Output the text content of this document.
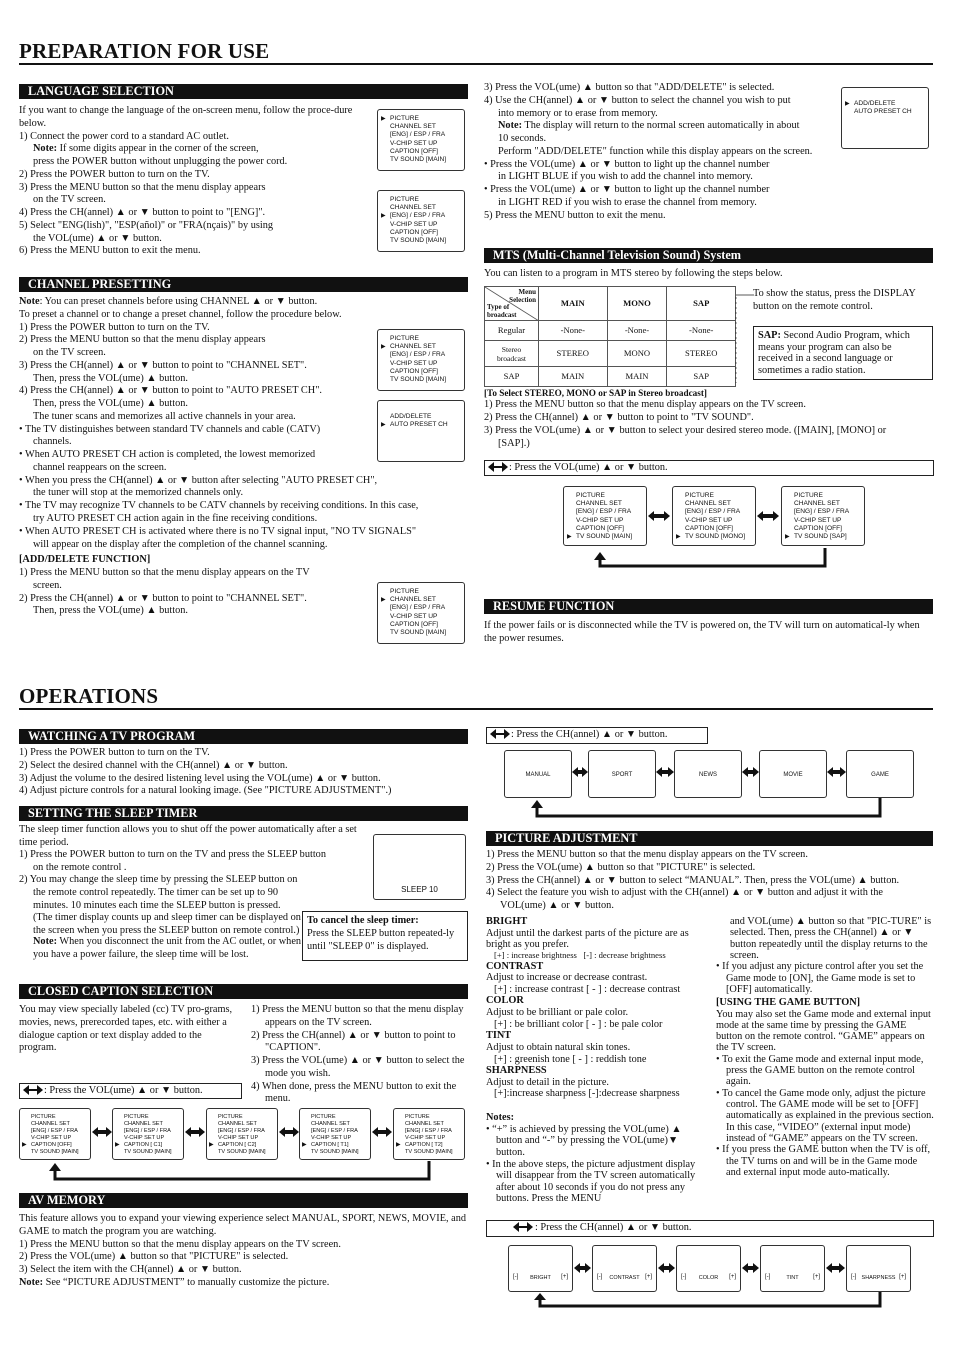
PREPARATION FOR USE
LANGUAGE SELECTION

If you want to change the language of the on-screen menu, follow the proce-dure below.

1) Connect the power cord to a standard AC outlet.

Note: If some digits appear in the corner of the screen,

press the POWER button without unplugging the power cord.

2) Press the POWER button to turn on the TV.

3) Press the MENU button so that the menu display appears

on the TV screen.

4) Press the CH(annel) ▲ or ▼ button to point to "[ENG]".

5) Select "ENG(lish)", "ESP(añol)" or "FRA(nçais)" by using

the VOL(ume) ▲ or ▼ button.

6) Press the MENU button to exit the menu.

▶ PICTURE
CHANNEL SET
[ENG] / ESP / FRA
V-CHIP SET UP
CAPTION [OFF]
TV SOUND [MAIN]
PICTURE
CHANNEL SET
▶ [ENG] / ESP / FRA
V-CHIP SET UP
CAPTION [OFF]
TV SOUND [MAIN]
CHANNEL PRESETTING

Note: You can preset channels before using CHANNEL ▲ or ▼ button.

To preset a channel or to change a preset channel, follow the procedure below.

1) Press the POWER button to turn on the TV.

2) Press the MENU button so that the menu display appears

on the TV screen.

3) Press the CH(annel) ▲ or ▼ button to point to "CHANNEL SET".

Then, press the VOL(ume) ▲ button.

4) Press the CH(annel) ▲ or ▼ button to point to "AUTO PRESET CH".

Then, press the VOL(ume) ▲ button.

The tuner scans and memorizes all active channels in your area.

• The TV distinguishes between standard TV channels and cable (CATV)

channels.

• When AUTO PRESET CH action is completed, the lowest memorized

channel reappears on the screen.

• When you press the CH(annel) ▲ or ▼ button after selecting "AUTO PRESET CH",

the tuner will stop at the memorized channels only.

• The TV may recognize TV channels to be CATV channels by receiving conditions. In this case,

try AUTO PRESET CH action again in the fine receiving conditions.

• When AUTO PRESET CH is activated where there is no TV signal input, "NO TV SIGNALS"

will appear on the display after the completion of the channel scanning.

[ADD/DELETE FUNCTION]

1) Press the MENU button so that the menu display appears on the TV

screen.

2) Press the CH(annel) ▲ or ▼ button to point to "CHANNEL SET".

Then, press the VOL(ume) ▲ button.

PICTURE
▶ CHANNEL SET
[ENG] / ESP / FRA
V-CHIP SET UP
CAPTION [OFF]
TV SOUND [MAIN]
ADD/DELETE
▶ AUTO PRESET CH
PICTURE
▶ CHANNEL SET
[ENG] / ESP / FRA
V-CHIP SET UP
CAPTION [OFF]
TV SOUND [MAIN]

3) Press the VOL(ume) ▲ button so that "ADD/DELETE" is selected.

4) Use the CH(annel) ▲ or ▼ button to select the channel you wish to put

into memory or to erase from memory.

Note: The display will return to the normal screen automatically in about

10 seconds.

Perform "ADD/DELETE" function while this display appears on the screen.

• Press the VOL(ume) ▲ or ▼ button to light up the channel number

in LIGHT BLUE if you wish to add the channel into memory.

• Press the VOL(ume) ▲ or ▼ button to light up the channel number

in LIGHT RED if you wish to erase the channel from memory.

5) Press the MENU button to exit the menu.

▶ ADD/DELETE
AUTO PRESET CH
MTS (Multi-Channel Television Sound) System
You can listen to a program in MTS stereo by following the steps below.
Menu Selection
Type of broadcast	MAIN	MONO	SAP
Regular	-None-	-None-	-None-
Stereo broadcast	STEREO	MONO	STEREO
SAP	MAIN	MAIN	SAP
To show the status, press the DISPLAY button on the remote control.
SAP: Second Audio Program, which means your program can also be received in a second language or sometimes a radio station.

[To Select STEREO, MONO or SAP in Stereo broadcast]

1) Press the MENU button so that the menu display appears on the TV screen.

2) Press the CH(annel) ▲ or ▼ button to point to "TV SOUND".

3) Press the VOL(ume) ▲ or ▼ button to select your desired stereo mode. ([MAIN], [MONO] or

[SAP].)

: Press the VOL(ume) ▲ or ▼ button.
PICTURE
CHANNEL SET
[ENG] / ESP / FRA
V-CHIP SET UP
CAPTION [OFF]
▶ TV SOUND [MAIN]
PICTURE
CHANNEL SET
[ENG] / ESP / FRA
V-CHIP SET UP
CAPTION [OFF]
▶ TV SOUND [MONO]
PICTURE
CHANNEL SET
[ENG] / ESP / FRA
V-CHIP SET UP
CAPTION [OFF]
▶ TV SOUND [SAP]
RESUME FUNCTION
If the power fails or is disconnected while the TV is powered on, the TV will turn on automatical-ly when the power resumes.
OPERATIONS
WATCHING A TV PROGRAM

1) Press the POWER button to turn on the TV.

2) Select the desired channel with the CH(annel) ▲ or ▼ button.

3) Adjust the volume to the desired listening level using the VOL(ume) ▲ or ▼ button.

4) Adjust picture controls for a natural looking image. (See "PICTURE ADJUSTMENT".)

SETTING THE SLEEP TIMER
The sleep timer function allows you to shut off the power automatically after a set time period.

1) Press the POWER button to turn on the TV and press the SLEEP button

on the remote control .

2) You may change the sleep time by pressing the SLEEP button on the remote control repeatedly. The timer can be set up to 90 minutes. 10 minutes each time the SLEEP button is pressed. (The timer display counts up and sleep timer can be displayed on the screen when you press the SLEEP button on remote control.)
Note: When you disconnect the unit from the AC outlet, or when you have a power failure, the sleep time will be lost.
SLEEP 10

To cancel the sleep timer:

Press the SLEEP button repeated-ly until "SLEEP 0" is displayed.

CLOSED CAPTION SELECTION
You may view specially labeled (cc) TV pro-grams, movies, news, prerecorded tapes, etc. with either a dialogue caption or text display added to the program.

1) Press the MENU button so that the menu display appears on the TV screen.

2) Press the CH(annel) ▲ or ▼ button to point to "CAPTION".

3) Press the VOL(ume) ▲ or ▼ button to select the mode you wish.

4) When done, press the MENU button to exit the menu.

: Press the VOL(ume) ▲ or ▼ button.
PICTURE
CHANNEL SET
[ENG] / ESP / FRA
V-CHIP SET UP
▶ CAPTION [OFF]
TV SOUND [MAIN]
PICTURE
CHANNEL SET
[ENG] / ESP / FRA
V-CHIP SET UP
▶ CAPTION [ C1]
TV SOUND [MAIN]
PICTURE
CHANNEL SET
[ENG] / ESP / FRA
V-CHIP SET UP
▶ CAPTION [ C2]
TV SOUND [MAIN]
PICTURE
CHANNEL SET
[ENG] / ESP / FRA
V-CHIP SET UP
▶ CAPTION [ T1]
TV SOUND [MAIN]
PICTURE
CHANNEL SET
[ENG] / ESP / FRA
V-CHIP SET UP
▶ CAPTION [ T2]
TV SOUND [MAIN]
AV MEMORY

This feature allows you to expand your viewing experience select MANUAL, SPORT, NEWS, MOVIE, and GAME to match the program you are watching.

1) Press the MENU button so that the menu display appears on the TV screen.

2) Press the VOL(ume) ▲ button so that "PICTURE" is selected.

3) Select the item with the CH(annel) ▲ or ▼ button.

Note: See “PICTURE ADJUSTMENT” to manually customize the picture.

: Press the CH(annel) ▲ or ▼ button.
MANUAL	SPORT	NEWS	MOVIE	GAME
PICTURE ADJUSTMENT

1) Press the MENU button so that the menu display appears on the TV screen.

2) Press the VOL(ume) ▲ button so that "PICTURE" is selected.

3) Press the CH(annel) ▲ or ▼ button to select “MANUAL”. Then, press the VOL(ume) ▲ button.

4) Select the feature you wish to adjust with the CH(annel) ▲ or ▼ button and adjust it with the

VOL(ume) ▲ or ▼ button.

BRIGHT

Adjust until the darkest parts of the picture are as bright as you prefer.

[+] : increase brightness [-] : decrease brightness

CONTRAST

Adjust to increase or decrease contrast.

[+] : increase contrast [ - ] : decrease contrast

COLOR

Adjust to be brilliant or pale color.

[+] : be brilliant color [ - ] : be pale color

TINT

Adjust to obtain natural skin tones.

[+] : greenish tone [ - ] : reddish tone

SHARPNESS

Adjust to detail in the picture.

[+]:increase sharpness [-]:decrease sharpness

Notes:

• “+” is achieved by pressing the VOL(ume) ▲ button and “-” by pressing the VOL(ume)▼ button.

• In the above steps, the picture adjustment display will disappear from the TV screen automatically after about 10 seconds if you do not press any buttons. Press the MENU

and VOL(ume) ▲ button so that "PIC-TURE" is selected. Then, press the CH(annel) ▲ or ▼ button repeatedly until the display returns to the screen.

• If you adjust any picture control after you set the Game mode to [ON], the Game mode is set to [OFF] automatically.

[USING THE GAME BUTTON]

You may also set the Game mode and external input mode at the same time by pressing the GAME button on the remote control. “GAME” appears on the TV screen.

• To exit the Game mode and external input mode, press the GAME button on the remote control again.

• To cancel the Game mode only, adjust the picture control. The GAME mode will be set to [OFF] automatically as explained in the previous section. In this case, “VIDEO” (external input mode) instead of “GAME” appears on the TV screen.

• If you press the GAME button when the TV is off, the TV turns on and will be in the Game mode and external input mode auto-matically.

: Press the CH(annel) ▲ or ▼ button.
[-]	BRIGHT	[+]	[-]	CONTRAST [+]	[-]	COLOR	[+]	[-]	TINT	[+]	[-] SHARPNESS [+]
